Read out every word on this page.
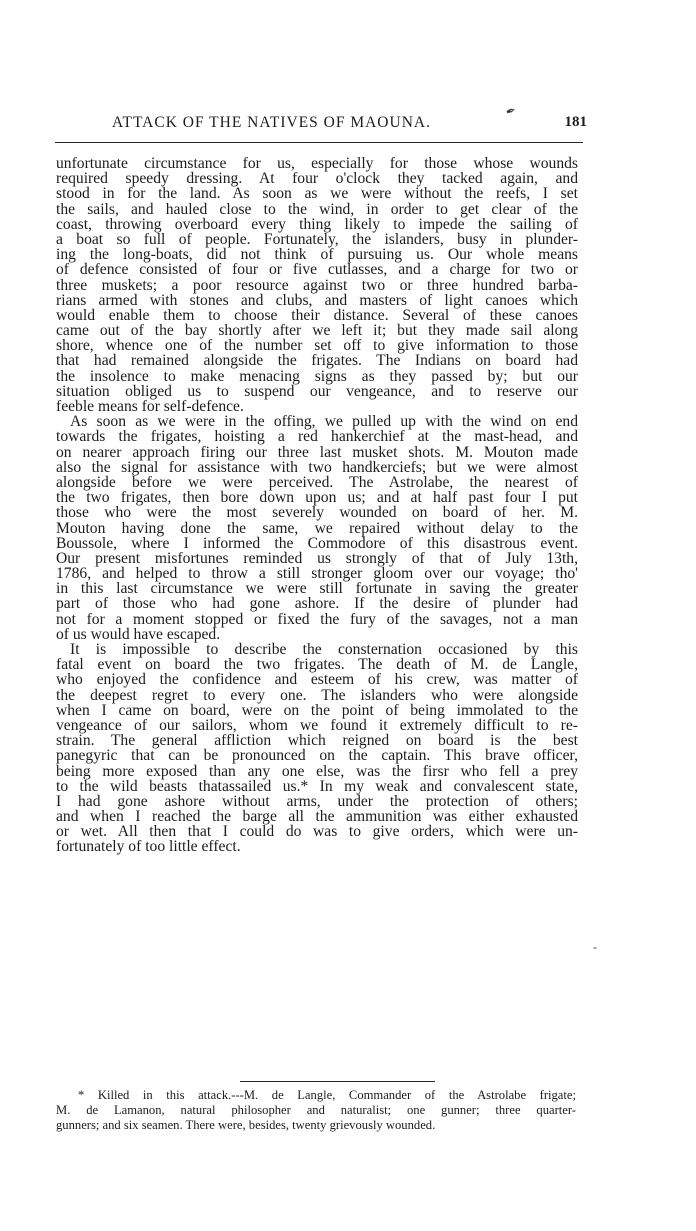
✒
ATTACK OF THE NATIVES OF MAOUNA.	181
unfortunate circumstance for us, especially for those whose wounds
required speedy dressing. At four o'clock they tacked again, and
stood in for the land. As soon as we were without the reefs, I set
the sails, and hauled close to the wind, in order to get clear of the
coast, throwing overboard every thing likely to impede the sailing of
a boat so full of people. Fortunately, the islanders, busy in plunder-
ing the long-boats, did not think of pursuing us. Our whole means
of defence consisted of four or five cutlasses, and a charge for two or
three muskets; a poor resource against two or three hundred barba-
rians armed with stones and clubs, and masters of light canoes which
would enable them to choose their distance. Several of these canoes
came out of the bay shortly after we left it; but they made sail along
shore, whence one of the number set off to give information to those
that had remained alongside the frigates. The Indians on board had
the insolence to make menacing signs as they passed by; but our
situation obliged us to suspend our vengeance, and to reserve our
feeble means for self-defence.
As soon as we were in the offing, we pulled up with the wind on end
towards the frigates, hoisting a red hankerchief at the mast-head, and
on nearer approach firing our three last musket shots. M. Mouton made
also the signal for assistance with two handkerciefs; but we were almost
alongside before we were perceived. The Astrolabe, the nearest of
the two frigates, then bore down upon us; and at half past four I put
those who were the most severely wounded on board of her. M.
Mouton having done the same, we repaired without delay to the
Boussole, where I informed the Commodore of this disastrous event.
Our present misfortunes reminded us strongly of that of July 13th,
1786, and helped to throw a still stronger gloom over our voyage; tho'
in this last circumstance we were still fortunate in saving the greater
part of those who had gone ashore. If the desire of plunder had
not for a moment stopped or fixed the fury of the savages, not a man
of us would have escaped.
It is impossible to describe the consternation occasioned by this
fatal event on board the two frigates. The death of M. de Langle,
who enjoyed the confidence and esteem of his crew, was matter of
the deepest regret to every one. The islanders who were alongside
when I came on board, were on the point of being immolated to the
vengeance of our sailors, whom we found it extremely difficult to re-
strain. The general affliction which reigned on board is the best
panegyric that can be pronounced on the captain. This brave officer,
being more exposed than any one else, was the firsr who fell a prey
to the wild beasts thatassailed us.* In my weak and convalescent state,
I had gone ashore without arms, under the protection of others;
and when I reached the barge all the ammunition was either exhausted
or wet. All then that I could do was to give orders, which were un-
fortunately of too little effect.
‐
* Killed in this attack.---M. de Langle, Commander of the Astrolabe frigate;
M. de Lamanon, natural philosopher and naturalist; one gunner; three quarter-
gunners; and six seamen. There were, besides, twenty grievously wounded.
